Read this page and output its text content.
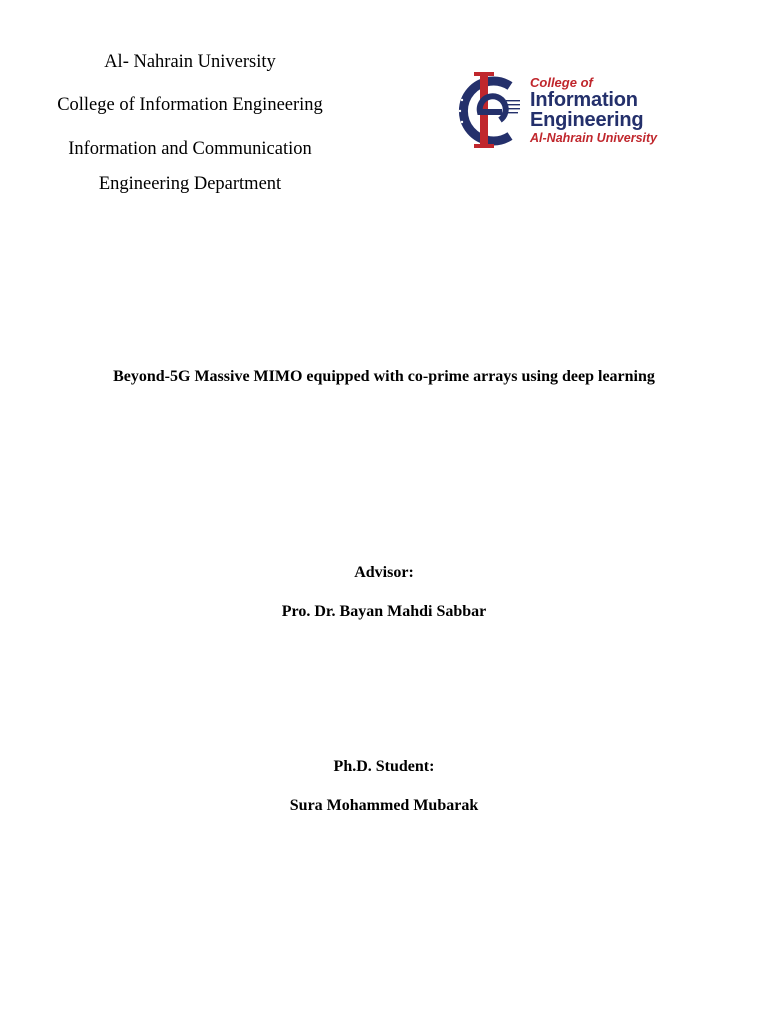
Al- Nahrain University
College of Information Engineering
Information and Communication
Engineering Department
College of
Information
Engineering
Al-Nahrain University
Beyond-5G Massive MIMO equipped with co-prime arrays using deep learning
Advisor:
Pro. Dr. Bayan Mahdi Sabbar
Ph.D. Student:
Sura Mohammed Mubarak
